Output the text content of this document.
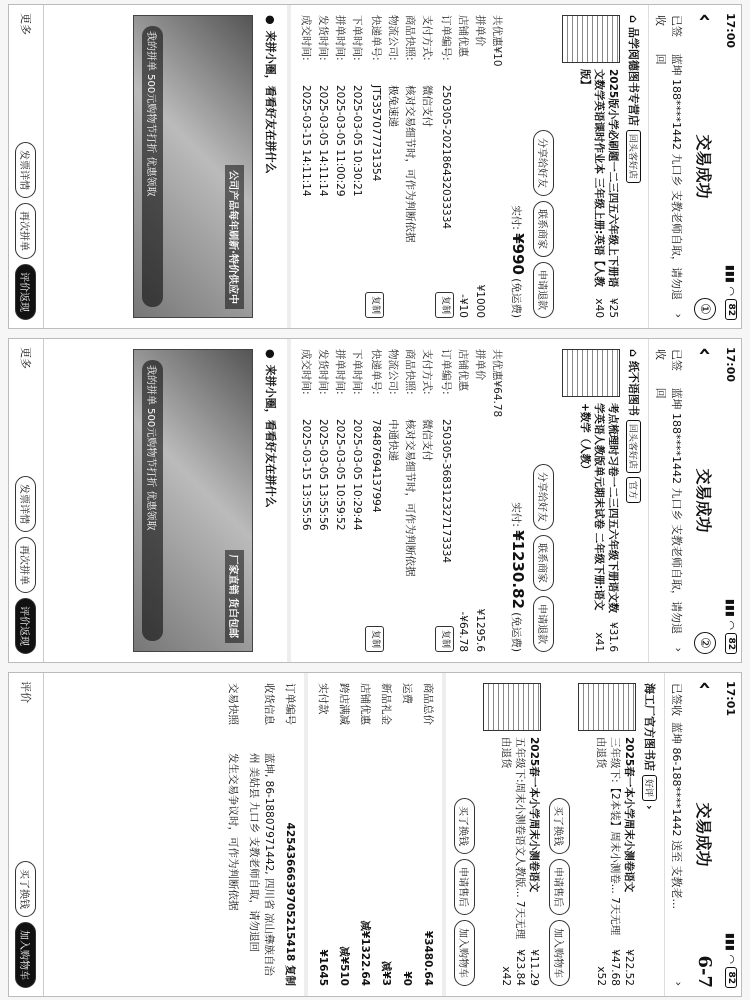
17:00
▮▮▮
◠
82
‹
交易成功
①
已签收
蓝坤 188****1442 九口乡 支教老师自取，请勿退回
›
⌂
品学阅德图书专营店
回头客好店
2025版小学必刷题一二三四五六年级上下册语文数学英语课时作业本 三年级上册:英语【人教版】
¥25
x40
分享给好友
联系商家
申请退款
实付: ¥990 (免运费)
共优惠¥10
拼单价
¥1000
店铺优惠
-¥10
订单编号:
250305-202186432033334
复制
支付方式:
微信支付
商品快照:
核对交易细节时，可作为判断依据
物流公司:
极兔速递
快递单号:
JT5357077731354
复制
下单时间:
2025-03-05 10:30:21
拼单时间:
2025-03-05 11:00:29
发货时间:
2025-03-05 14:11:14
成交时间:
2025-03-15 14:11:14
●
来拼小圈，看看好友在拼什么
公司产品每年刷新·特价供应中
我的拼单 500元购物节打折 优惠领取
更多
发票详情
再次拼单
评价返现
17:00
▮▮▮
◠
82
‹
交易成功
②
已签收
蓝坤 188****1442 九口乡 支教老师自取，请勿退回
›
⌂
纸不语图书
回头客好店
官方
考点梳理时习卷一二三四五六年级下册语文数学英语人教版单元期末试卷 二年级下册:语文+数学（人教）
¥31.6
x41
分享给好友
联系商家
申请退款
实付: ¥1230.82 (免运费)
共优惠¥64.78
拼单价
¥1295.6
店铺优惠
-¥64.78
订单编号:
250305-368312327173334
复制
支付方式:
微信支付
商品快照:
核对交易细节时，可作为判断依据
物流公司:
中通快递
快递单号:
78487694137994
复制
下单时间:
2025-03-05 10:29:44
拼单时间:
2025-03-05 10:59:52
发货时间:
2025-03-05 13:55:56
成交时间:
2025-03-15 13:55:56
●
来拼小圈，看看好友在拼什么
厂家直销 货白包邮
我的拼单 500元购物节打折 优惠领取
更多
发票详情
再次拼单
评价返现
17:01
▮▮▮
◠
82
‹
交易成功
6-7
已签收
蓝坤 86-188****1442 送至 支教老...
›
海工厂官方图书店
好评
›
2025春一本小学周末小测卷语文
三年级下:【2本装】周末小测卷... 7天无理由退货
¥22.52
¥47.68
x52
买了换钱
申请售后
加入购物车
2025春一本小学周末小测卷语文
五年级下:周末小测卷语文人教版... 7天无理由退货
¥11.29
¥23.84
x42
买了换钱
申请售后
加入购物车
商品总价
¥3480.64
运费
¥0
新品礼金
减¥3
店铺优惠
减¥1322.64
跨店满减
减¥510
实付款
¥1645
订单编号
4254366639705215418 复制
收货信息
蓝坤, 86-18807971442, 四川省 凉山彝族自治州 美姑县 九口乡 支教老师自取，请勿退回
交易快照
发生交易争议时，可作为判断依据
评价
买了换钱
加入购物车
